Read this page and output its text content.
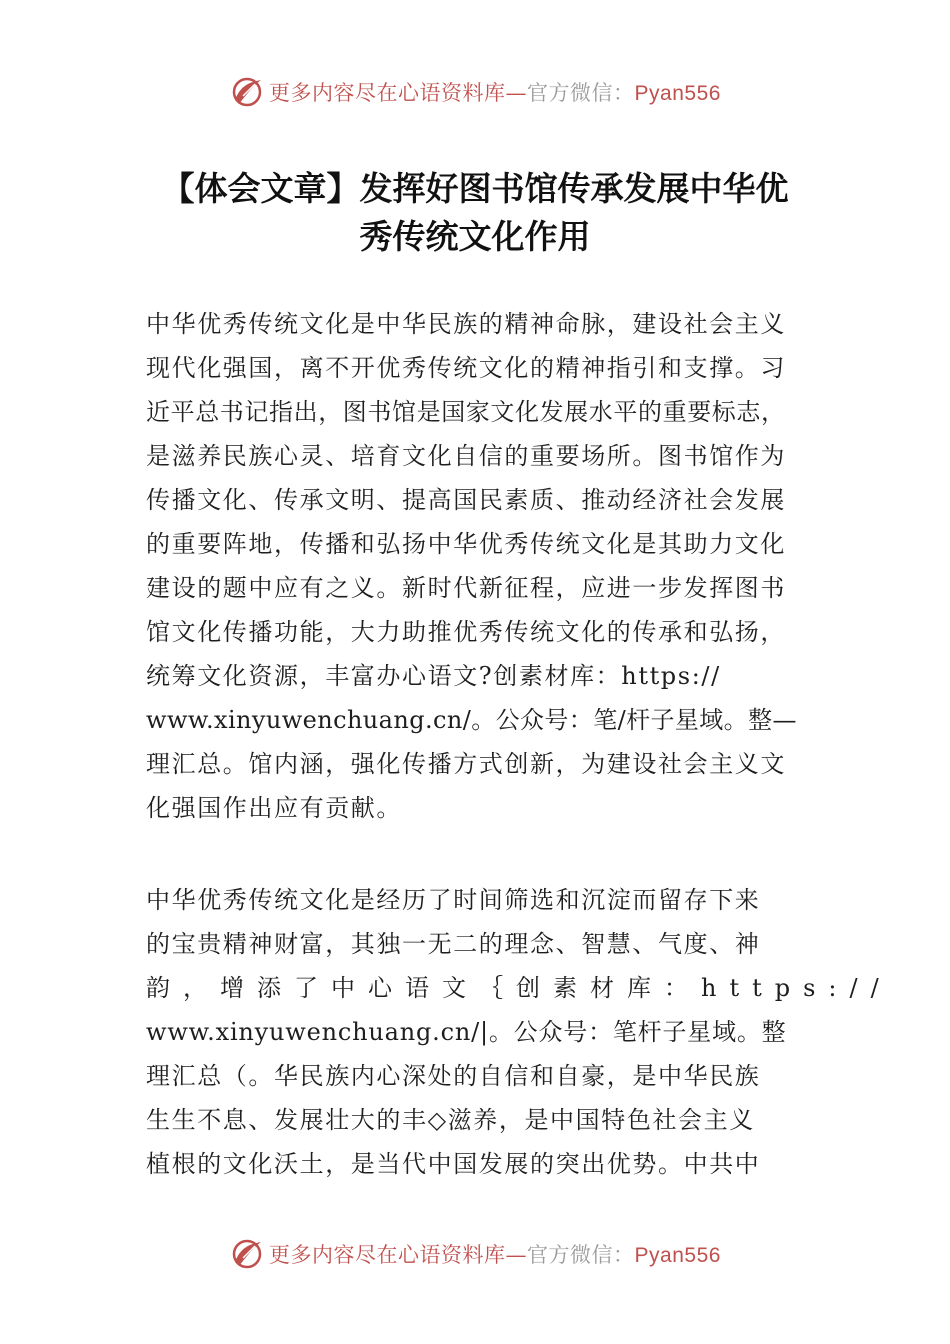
更多内容尽在心语资料库—官方微信：Pyan556
【体会文章】发挥好图书馆传承发展中华优
秀传统文化作用
中华优秀传统文化是中华民族的精神命脉，建设社会主义
现代化强国，离不开优秀传统文化的精神指引和支撑。习
近平总书记指出，图书馆是国家文化发展水平的重要标志，
是滋养民族心灵、培育文化自信的重要场所。图书馆作为
传播文化、传承文明、提高国民素质、推动经济社会发展
的重要阵地，传播和弘扬中华优秀传统文化是其助力文化
建设的题中应有之义。新时代新征程，应进一步发挥图书
馆文化传播功能，大力助推优秀传统文化的传承和弘扬，
统筹文化资源，丰富办心语文?创素材库：https://
www.xinyuwenchuang.cn/。公众号：笔/杆子星域。整—
理汇总。馆内涵，强化传播方式创新，为建设社会主义文
化强国作出应有贡献。
中华优秀传统文化是经历了时间筛选和沉淀而留存下来
的宝贵精神财富，其独一无二的理念、智慧、气度、神
韵，增添了中心语文｛创素材库：https://
www.xinyuwenchuang.cn/|。公众号：笔杆子星域。整
理汇总（。华民族内心深处的自信和自豪，是中华民族
生生不息、发展壮大的丰◇滋养，是中国特色社会主义
植根的文化沃土，是当代中国发展的突出优势。中共中
更多内容尽在心语资料库—官方微信：Pyan556
